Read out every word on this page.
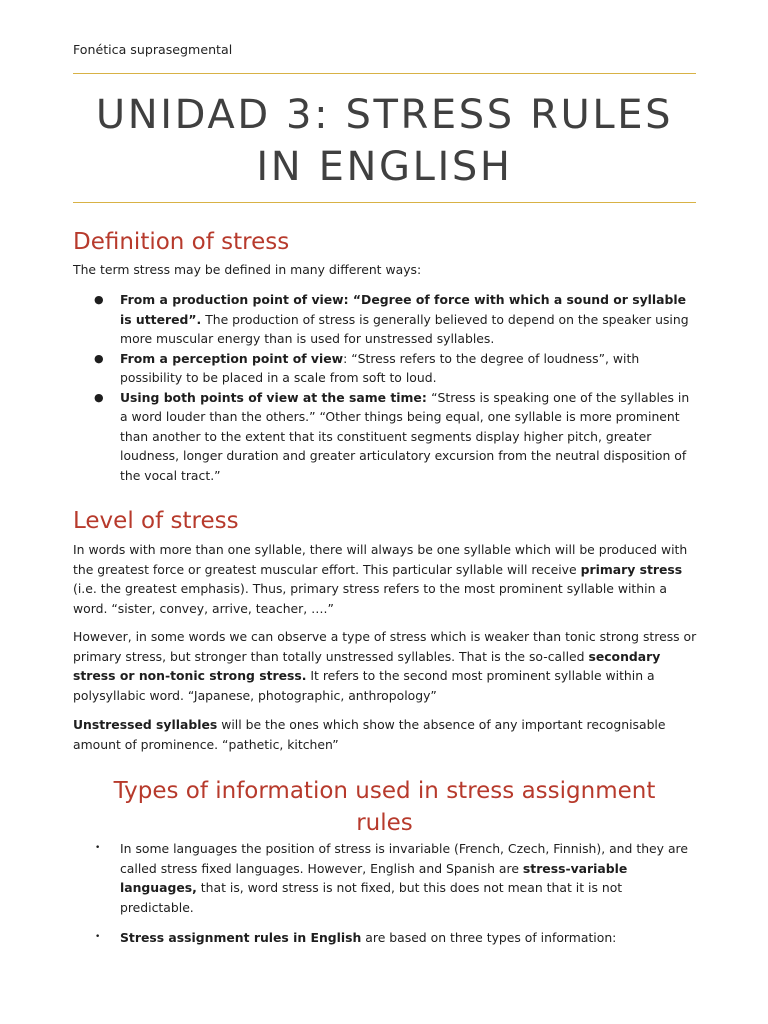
Fonética suprasegmental
UNIDAD 3: STRESS RULES
IN ENGLISH
Definition of stress

The term stress may be defined in many different ways:

● From a production point of view: “Degree of force with which a sound or syllable is uttered”. The production of stress is generally believed to depend on the speaker using more muscular energy than is used for unstressed syllables.
● From a perception point of view: “Stress refers to the degree of loudness”, with possibility to be placed in a scale from soft to loud.
● Using both points of view at the same time: “Stress is speaking one of the syllables in a word louder than the others.” “Other things being equal, one syllable is more prominent than another to the extent that its constituent segments display higher pitch, greater loudness, longer duration and greater articulatory excursion from the neutral disposition of the vocal tract.”
Level of stress

In words with more than one syllable, there will always be one syllable which will be produced with the greatest force or greatest muscular effort. This particular syllable will receive primary stress (i.e. the greatest emphasis). Thus, primary stress refers to the most prominent syllable within a word. “sister, convey, arrive, teacher, ….”

However, in some words we can observe a type of stress which is weaker than tonic strong stress or primary stress, but stronger than totally unstressed syllables. That is the so-called secondary stress or non-tonic strong stress. It refers to the second most prominent syllable within a polysyllabic word. “Japanese, photographic, anthropology”

Unstressed syllables will be the ones which show the absence of any important recognisable amount of prominence. “pathetic, kitchen”

Types of information used in stress assignment
rules
• In some languages the position of stress is invariable (French, Czech, Finnish), and they are called stress fixed languages. However, English and Spanish are stress-variable languages, that is, word stress is not fixed, but this does not mean that it is not predictable.
• Stress assignment rules in English are based on three types of information:
